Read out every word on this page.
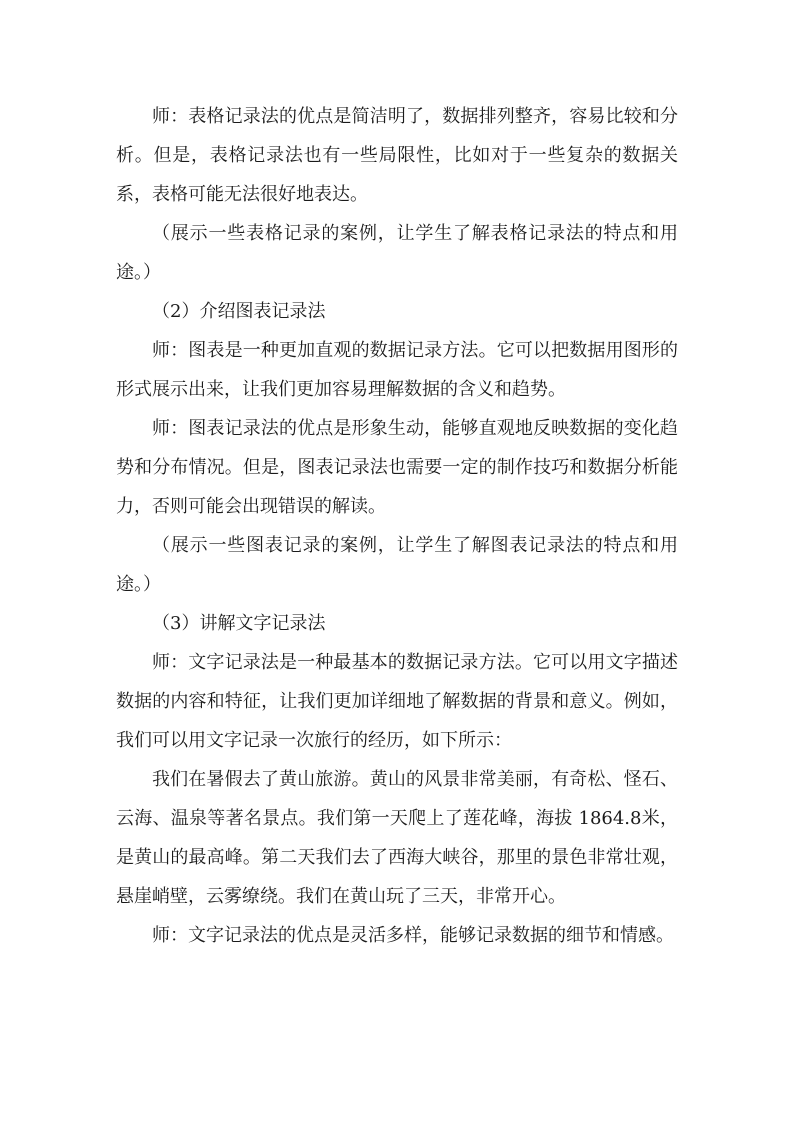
师：表格记录法的优点是简洁明了，数据排列整齐，容易比较和分析。但是，表格记录法也有一些局限性，比如对于一些复杂的数据关系，表格可能无法很好地表达。

（展示一些表格记录的案例，让学生了解表格记录法的特点和用途。）

（2）介绍图表记录法

师：图表是一种更加直观的数据记录方法。它可以把数据用图形的形式展示出来，让我们更加容易理解数据的含义和趋势。

师：图表记录法的优点是形象生动，能够直观地反映数据的变化趋势和分布情况。但是，图表记录法也需要一定的制作技巧和数据分析能力，否则可能会出现错误的解读。

（展示一些图表记录的案例，让学生了解图表记录法的特点和用途。）

（3）讲解文字记录法

师：文字记录法是一种最基本的数据记录方法。它可以用文字描述数据的内容和特征，让我们更加详细地了解数据的背景和意义。例如，我们可以用文字记录一次旅行的经历，如下所示：

我们在暑假去了黄山旅游。黄山的风景非常美丽，有奇松、怪石、云海、温泉等著名景点。我们第一天爬上了莲花峰，海拔 1864.8米，是黄山的最高峰。第二天我们去了西海大峡谷，那里的景色非常壮观，悬崖峭壁，云雾缭绕。我们在黄山玩了三天，非常开心。

师：文字记录法的优点是灵活多样，能够记录数据的细节和情感。
